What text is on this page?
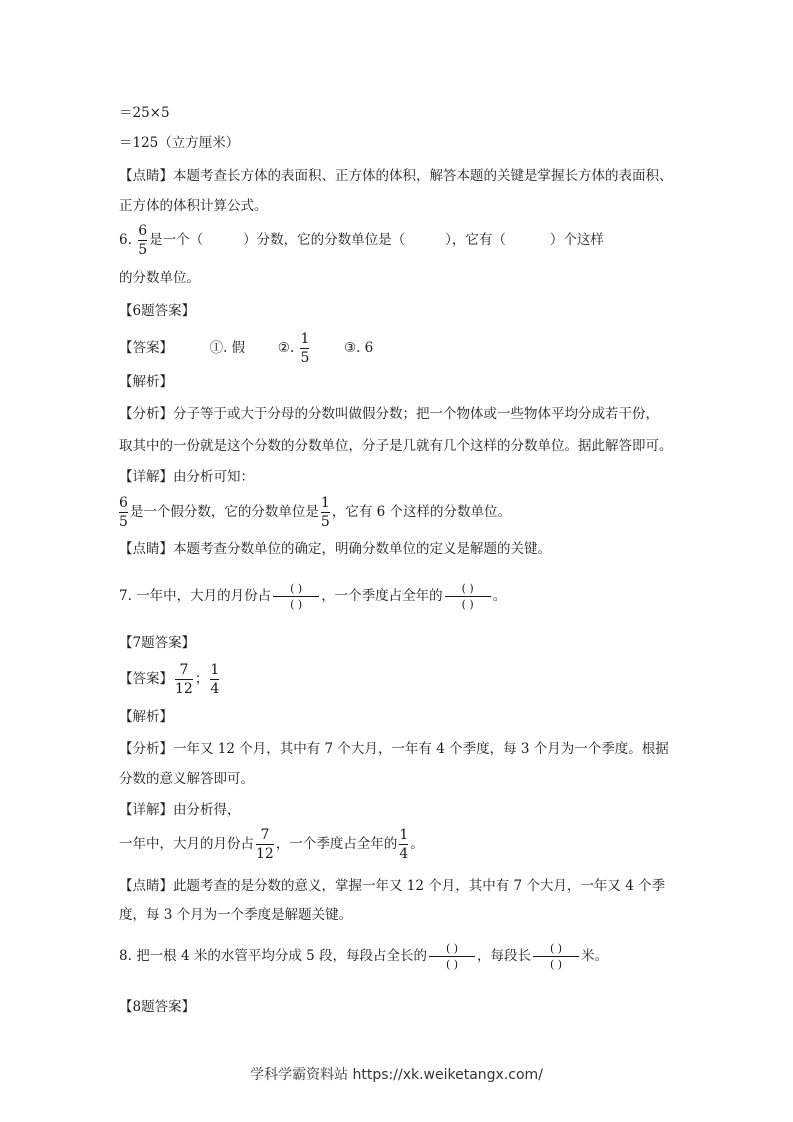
＝25×5
＝125（立方厘米）
【点睛】本题考查长方体的表面积、正方体的体积，解答本题的关键是掌握长方体的表面积、
正方体的体积计算公式。
6. $\frac{6}{5}$ 是一个（	）分数，它的分数单位是（	），它有（	）个这样
的分数单位。
【6题答案】
【答案】	①. 假 ②. $\frac{1}{5}$	③. 6
【解析】
【分析】分子等于或大于分母的分数叫做假分数；把一个物体或一些物体平均分成若干份，
取其中的一份就是这个分数的分数单位，分子是几就有几个这样的分数单位。据此解答即可。
【详解】由分析可知：
$\frac{6}{5}$ 是一个假分数，它的分数单位是 $\frac{1}{5}$ ，它有 6 个这样的分数单位。
【点睛】本题考查分数单位的确定，明确分数单位的定义是解题的关键。
7. 一年中，大月的月份占	( )
( )
，一个季度占全年的	( )
( )
。
【7题答案】
【答案】 $\frac{7}{12}$ ； $\frac{1}{4}$
【解析】
【分析】一年又 12 个月，其中有 7 个大月，一年有 4 个季度，每 3 个月为一个季度。根据
分数的意义解答即可。
【详解】由分析得，
一年中，大月的月份占 $\frac{7}{12}$ ，一个季度占全年的 $\frac{1}{4}$ 。
【点睛】此题考查的是分数的意义，掌握一年又 12 个月，其中有 7 个大月，一年又 4 个季
度，每 3 个月为一个季度是解题关键。
8. 把一根 4 米的水管平均分成 5 段，每段占全长的	( )
( )
，每段长	( )
( )
米。
【8题答案】
学科学霸资料站 https://xk.weiketangx.com/
